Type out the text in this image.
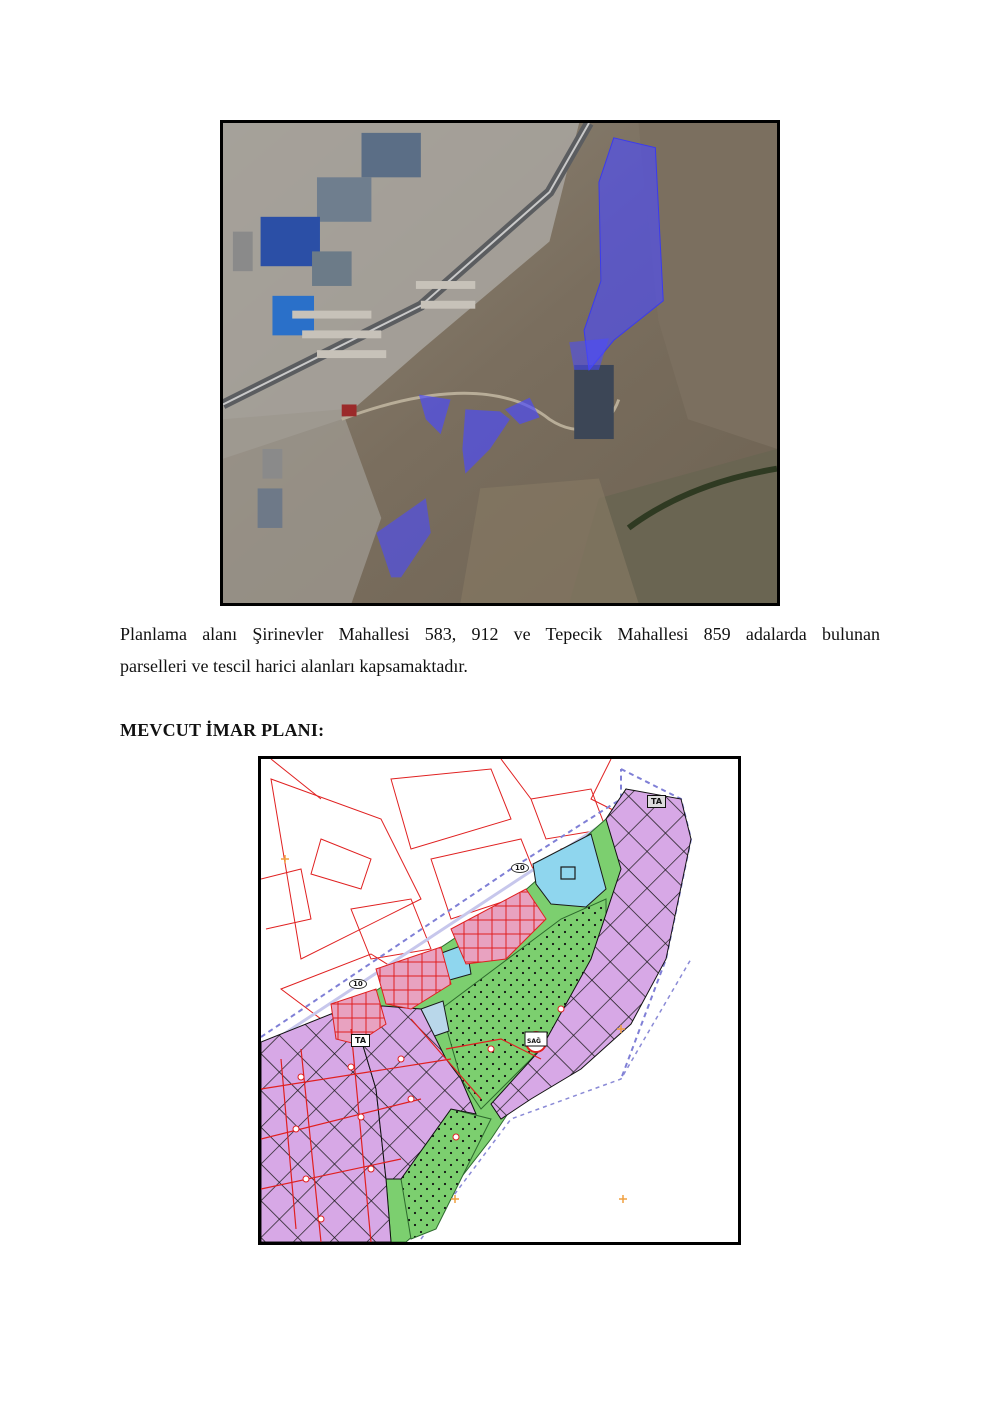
Planlama alanı Şirinevler Mahallesi 583, 912 ve Tepecik Mahallesi 859 adalarda bulunan
parselleri ve tescil harici alanları kapsamaktadır.
MEVCUT İMAR PLANI:
TA
TA	SAĞ
10
10
